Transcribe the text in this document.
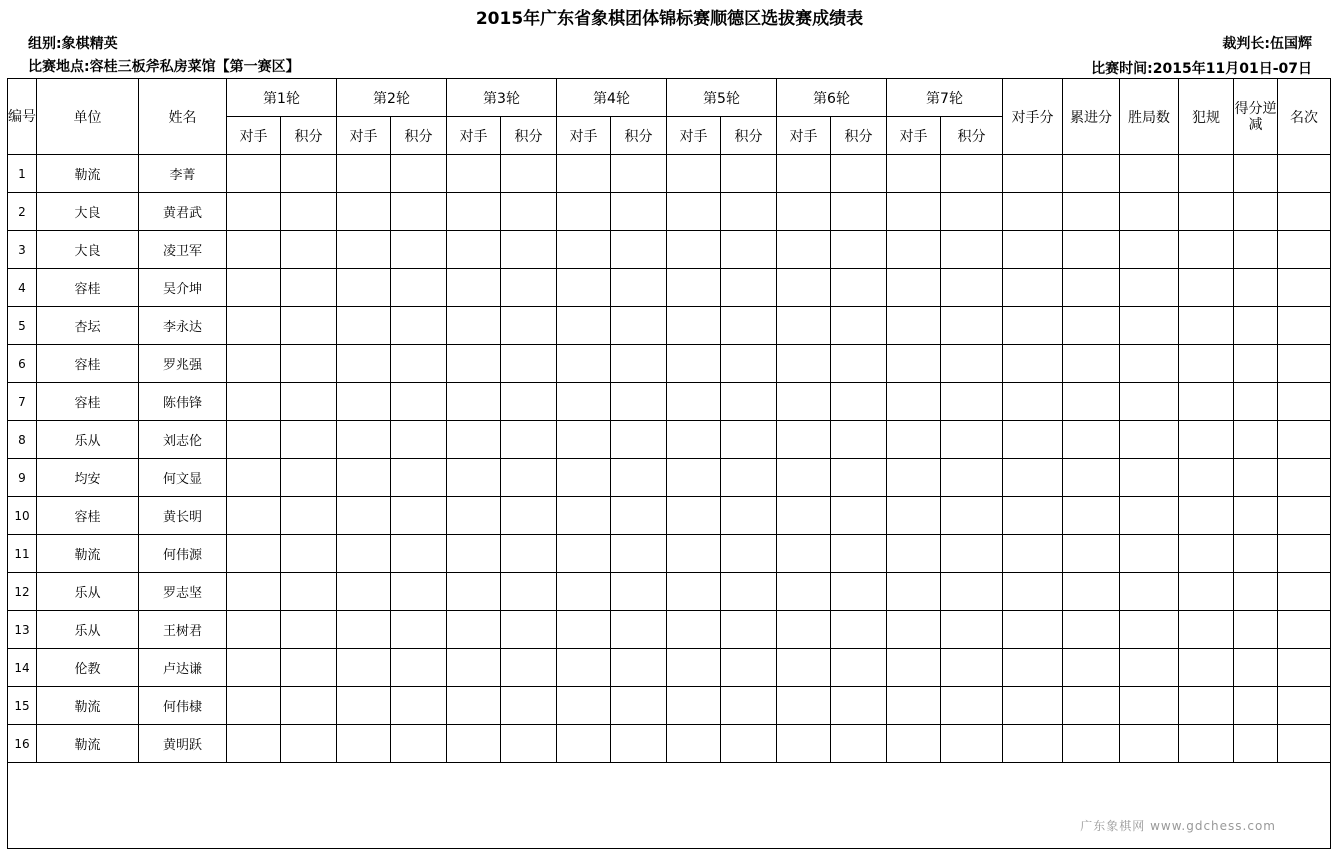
2015年广东省象棋团体锦标赛顺德区选拔赛成绩表
组别:象棋精英
比赛地点:容桂三板斧私房菜馆【第一赛区】
裁判长:伍国辉
比赛时间:2015年11月01日-07日
编号	单位	姓名	第1轮		第2轮		第3轮		第4轮		第5轮		第6轮		第7轮		对手分	累进分	胜局数	犯规	得分逆减	名次
			对手	积分	对手	积分	对手	积分	对手	积分	对手	积分	对手	积分	对手	积分						
1	勒流	李菁																				
2	大良	黄君武																				
3	大良	凌卫军																				
4	容桂	吴介坤																				
5	杏坛	李永达																				
6	容桂	罗兆强																				
7	容桂	陈伟锋																				
8	乐从	刘志伦																				
9	均安	何文显																				
10	容桂	黄长明																				
11	勒流	何伟源																				
12	乐从	罗志坚																				
13	乐从	王树君																				
14	伦教	卢达谦																				
15	勒流	何伟棣																				
16	勒流	黄明跃																				

广东象棋网 www.gdchess.com																						
